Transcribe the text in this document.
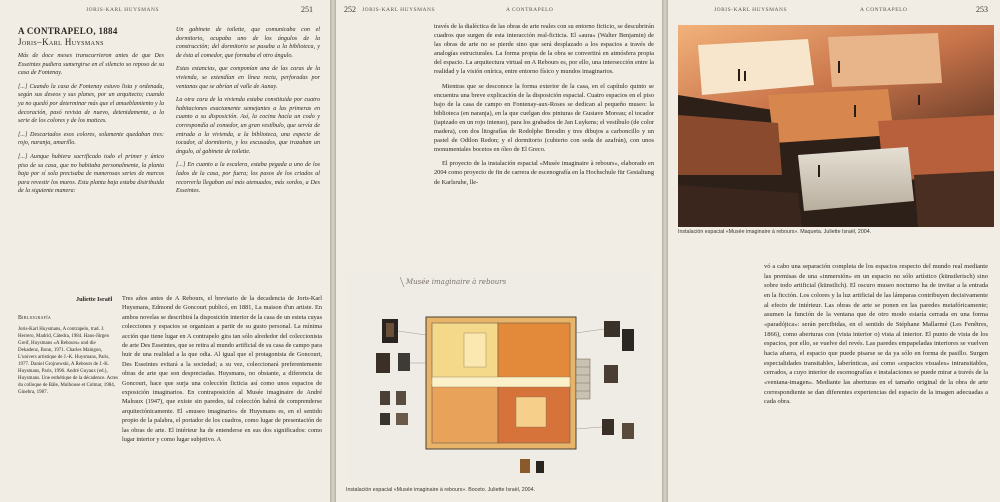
JORIS-KARL HUYSMANS	251
A CONTRAPELO, 1884
Joris–Karl Huysmans

Más de doce meses transcurrieron antes de que Des Esseintes pudiera sumergirse en el silencio so reposo de su casa de Fontenay.

[...] Cuando la casa de Fontenay estuvo lista y ordenada, según sus deseos y sus planes, por un arquitecto; cuando ya no quedó por determinar más que el amueblamiento y la decoración, pasó revista de nuevo, detenidamente, a la serie de los colores y de los matices.

[...] Descartados esos colores, solamente quedaban tres: rojo, naranja, amarillo.

[...] Aunque hubiera sacrificado todo el primer y único piso de su casa, que no habitaba personalmente, la planta baja por sí sola precisaba de numerosas series de marcos para revestir los muros. Esta planta baja estaba distribuida de la siguiente manera:

Un gabinete de toilette, que comunicaba con el dormitorio, ocupaba uno de los ángulos de la construcción; del dormitorio se pasaba a la biblioteca, y de ésta al comedor, que formaba el otro ángulo.

Estas estancias, que componían una de las caras de la vivienda, se extendían en línea recta, perforadas por ventanas que se abrían al valle de Aunay.

La otra cara de la vivienda estaba constituida por cuatro habitaciones exactamente semejantes a las primeras en cuanto a su disposición. Así, la cocina hacía un codo y correspondía al comedor, un gran vestíbulo, que servía de entrada a la vivienda, a la biblioteca, una especie de tocador, al dormitorio, y los excusados, que trazaban un ángulo, al gabinete de toilette.

[...] En cuanto a la escalera, estaba pegada a uno de los lados de la casa, por fuera; los pasos de los criados al recorrerla llegaban así más atenuados, más sordos, a Des Esseintes.

Juliette Israël
Bibliografía
Joris-Karl Huysmans, A contrapelo, trad. J. Herrero, Madrid, Cátedra, 1984. Hans-Jürgen Greif, Huysmans «A Rebours» und die Dekadenz, Bonn, 1971. Charles Maingon, L'univers artistique de J.-K. Huysmans, Paris, 1977. Daniel Grojnowski, A Rebours de J.-K. Huysmans, Paris, 1996. André Guyaux (ed.), Huysmans. Une esthétique de la décadence. Actes du colloque de Bâle, Mulhouse et Colmar, 1984, Ginebra, 1987.
Tres años antes de A Rebours, el breviario de la decadencia de Joris-Karl Huysmans, Edmond de Goncourt publicó, en 1881, La maison d'un artiste. En ambos novelas se describirá la disposición interior de la casa de un esteta cuyas colecciones y espacios se organizan a partir de su gusto personal. La mínima acción que tiene lugar en A contrapelo gira tan sólo alrededor del coleccionista de arte Des Esseintes, que se retira al mundo artificial de su casa de campo para huir de una realidad a la que odia. Al igual que el protagonista de Goncourt, Des Esseintes evitará a la sociedad; a su vez, coleccionará preferentemente obras de arte que son despreciadas. Huysmans, no obstante, a diferencia de Goncourt, hace que surja una colección ficticia así como unos espacios de exposición imaginarios. En contraposición al Musée imaginaire de André Malraux (1947), que existe sin paredes, tal colección habrá de comprenderse arquitectónicamente. El «museo imaginario» de Huysmans es, en el sentido propio de la palabra, el portador de los cuadros, como lugar de presentación de las obras de arte. El intérieur ha de entenderse en sus dos significados: como lugar interior y como lugar subjetivo. A
252 JORIS-KARL HUYSMANS	A CONTRAPELO

través de la dialéctica de las obras de arte reales con su entorno ficticio, se descubrirán cuadros que surgen de esta interacción real-ficticia. El «aura» (Walter Benjamin) de las obras de arte no se pierde sino que será desplazado a los espacios a través de analogías estructurales. La forma propia de la obra se convertirá en atmósfera propia del espacio. La arquitectura virtual en A Rebours es, por ello, una intersección entre la realidad y la visión onírica, entre entorno físico y mundos imaginarios.

Mientras que se desconoce la forma exterior de la casa, en el capítulo quinto se encuentra una breve explicación de la disposición espacial. Cuatro espacios en el piso bajo de la casa de campo en Fontenay-aux-Roses se dedican al pequeño museo: la biblioteca (en naranja), en la que cuelgan dos pinturas de Gustave Moreau; el tocador (tapizado en un rojo intenso), para los grabados de Jan Luykens; el vestíbulo (de color madera), con dos litografías de Rodolphe Bresdin y tres dibujos a carboncillo y un pastel de Odilon Redon; y el dormitorio (cubierto con seda de azafrán), con unos monumentales bocetos en óleo de El Greco.

El proyecto de la instalación espacial «Musée imaginaire à rebours», elaborado en 2004 como proyecto de fin de carrera de escenografía en la Hochschule für Gestaltung de Karlsruhe, lle-

Musée imaginaire à rebours
Instalación espacial «Musée imaginaire à rebours». Boceto. Juliette Israël, 2004.
JORIS-KARL HUYSMANS	A CONTRAPELO	253
Instalación espacial «Musée imaginaire à rebours». Maqueta. Juliette Israël, 2004.
vó a cabo una separación completa de los espacios respecto del mundo real mediante las premisas de una «inmersión» en un espacio no sólo artístico (künstlerisch) sino sobre todo artificial (künstlich). El oscuro museo nocturno ha de invitar a la entrada en la ficción. Los colores y la luz artificial de las lámparas contribuyen decisivamente al efecto de intérieur. Las obras de arte se ponen en las paredes metafóricamente; asumen la función de la ventana que de otro modo estaría cerrada en una forma «paradójica»: serán percibidas, en el sentido de Stéphane Mallarmé (Les Fenêtres, 1866), como aberturas con (vista interior o) vista al interior. El punto de vista de los espacios, por ello, se vuelve del revés. Las paredes empapeladas interiores se vuelven hacia afuera, el espacio que puede pisarse se da ya sólo en forma de pasillo. Surgen especialidades transitables, laberínticas, así como «espacios visuales» intransitables, cerrados, a cuyo interior de escenografías e instalaciones se puede mirar a través de la «ventana-imagen». Mediante las aberturas en el tamaño original de la obra de arte correspondiente se dan diferentes experiencias del espacio de la imagen adecuadas a cada obra.
